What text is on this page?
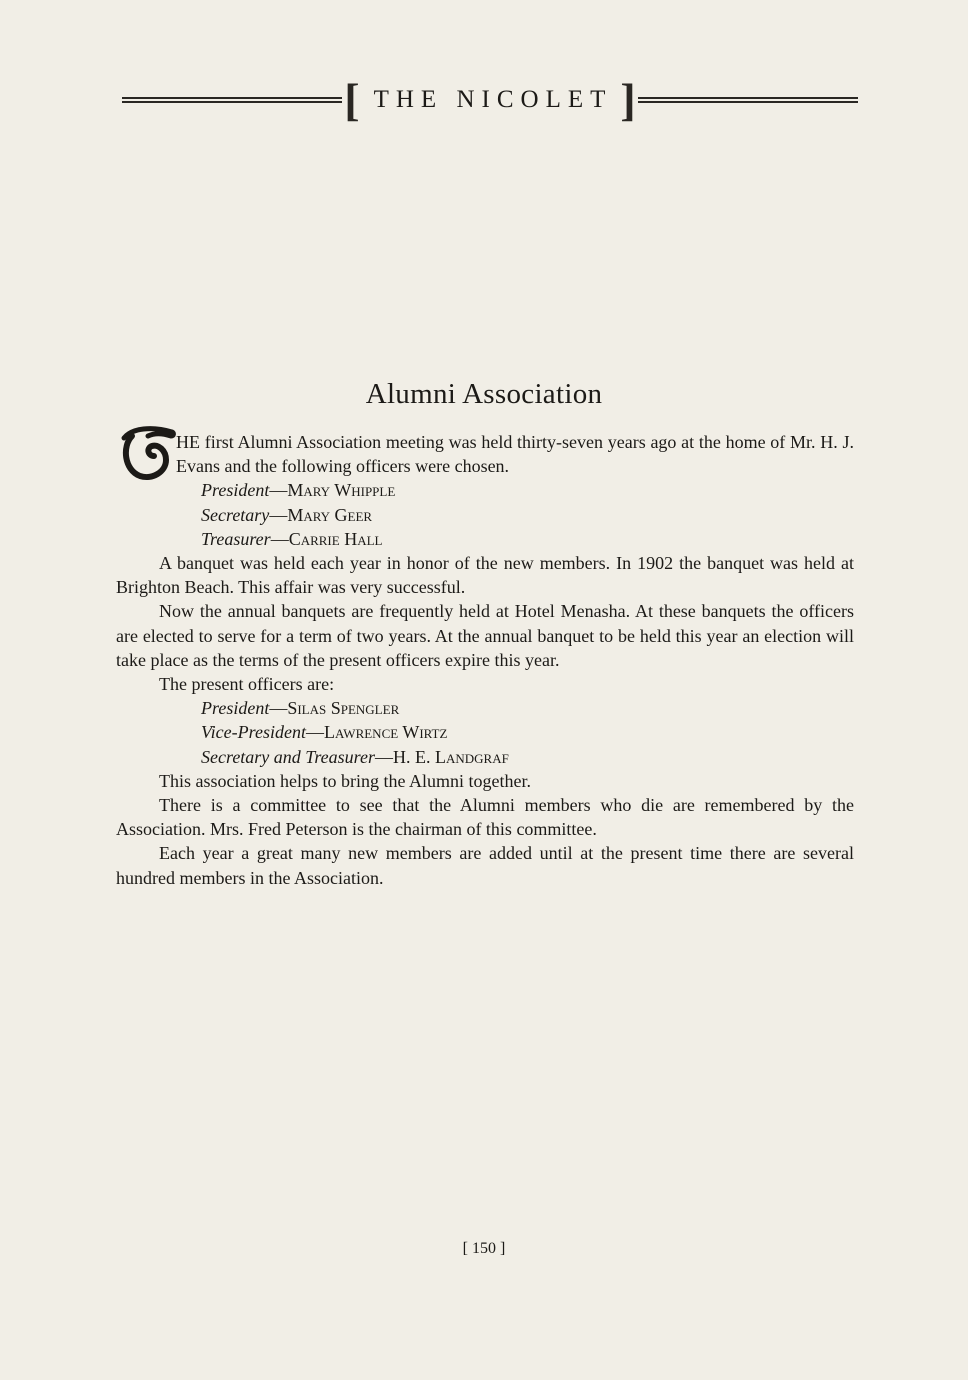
[ THE NICOLET ]
Alumni Association

HE first Alumni Association meeting was held thirty-seven years ago at the home of Mr. H. J. Evans and the following officers were chosen.

President—Mary Whipple

Secretary—Mary Geer

Treasurer—Carrie Hall

A banquet was held each year in honor of the new members. In 1902 the banquet was held at Brighton Beach. This affair was very successful.

Now the annual banquets are frequently held at Hotel Menasha. At these banquets the officers are elected to serve for a term of two years. At the annual banquet to be held this year an election will take place as the terms of the present officers expire this year.

The present officers are:

President—Silas Spengler

Vice-President—Lawrence Wirtz

Secretary and Treasurer—H. E. Landgraf

This association helps to bring the Alumni together.

There is a committee to see that the Alumni members who die are remembered by the Association. Mrs. Fred Peterson is the chairman of this committee.

Each year a great many new members are added until at the present time there are several hundred members in the Association.

[ 150 ]
